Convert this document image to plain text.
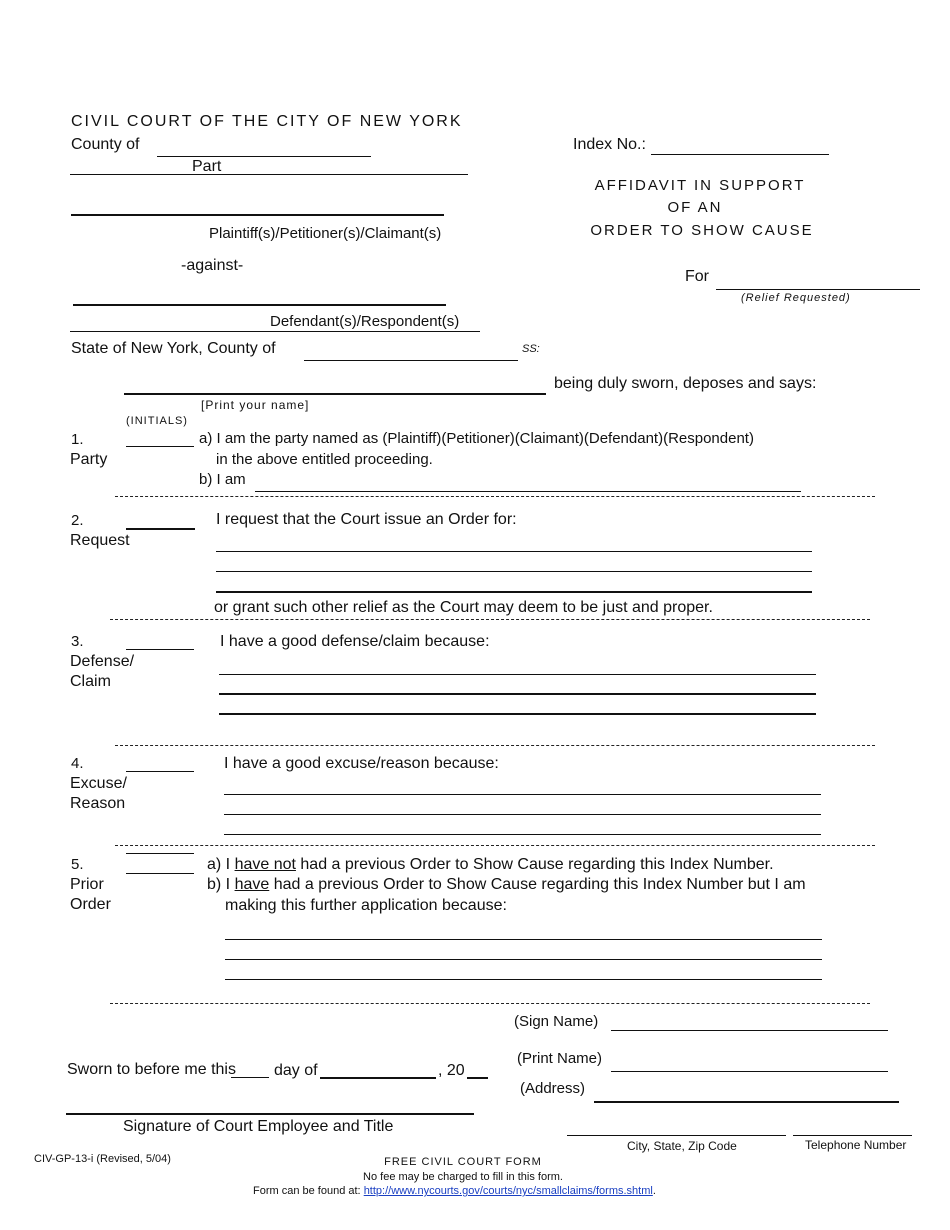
CIVIL COURT OF THE CITY OF NEW YORK
County of
Part
Plaintiff(s)/Petitioner(s)/Claimant(s)
-against-
Defendant(s)/Respondent(s)
Index No.:
AFFIDAVIT IN SUPPORT
OF AN
ORDER TO SHOW CAUSE
For
(Relief Requested)
State of New York, County of	SS:
being duly sworn, deposes and says:
[Print your name]
(INITIALS)
1.
Party
a) I am the party named as (Plaintiff)(Petitioner)(Claimant)(Defendant)(Respondent)
in the above entitled proceeding.
b) I am
2.
Request
I request that the Court issue an Order for:
or grant such other relief as the Court may deem to be just and proper.
3.
Defense/
Claim
I have a good defense/claim because:
4.
Excuse/
Reason
I have a good excuse/reason because:
5.
Prior
Order
a) I have not had a previous Order to Show Cause regarding this Index Number.
b) I have had a previous Order to Show Cause regarding this Index Number but I am
making this further application because:
(Sign Name)
(Print Name)
(Address)
Sworn to before me this day of	, 20
Signature of Court Employee and Title
City, State, Zip Code	Telephone Number
CIV-GP-13-i (Revised, 5/04)	FREE CIVIL COURT FORM
No fee may be charged to fill in this form.
Form can be found at: http://www.nycourts.gov/courts/nyc/smallclaims/forms.shtml.
